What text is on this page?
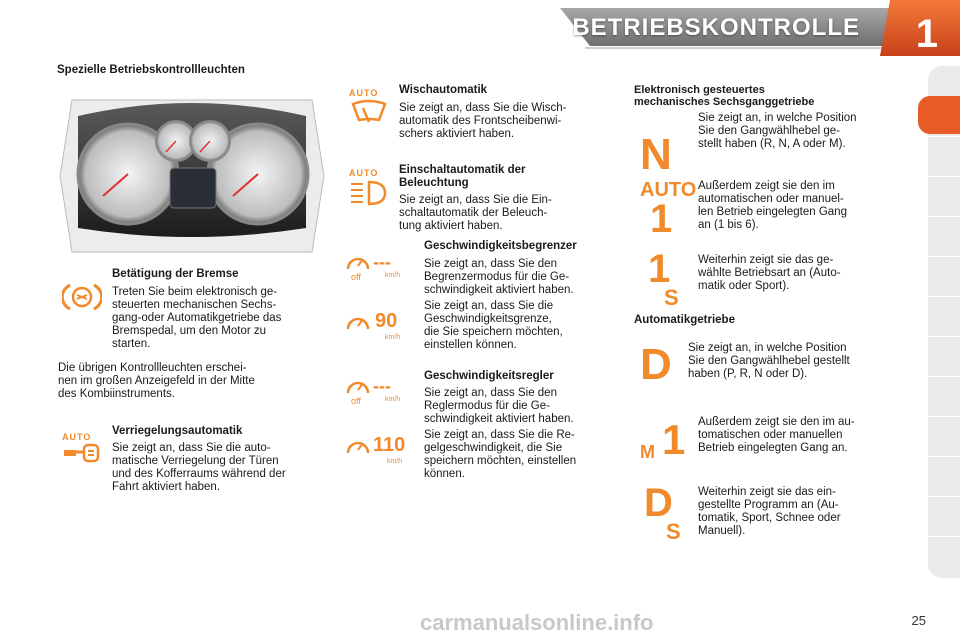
BETRIEBSKONTROLLE 1
Spezielle Betriebskontrollleuchten
Betätigung der Bremse
Treten Sie beim elektronisch ge-
steuerten mechanischen Sechs-
gang-oder Automatikgetriebe das
Bremspedal, um den Motor zu
starten.
Die übrigen Kontrollleuchten erschei-
nen im großen Anzeigefeld in der Mitte
des Kombiinstruments.
AUTO	Verriegelungsautomatik
Sie zeigt an, dass Sie die auto-
matische Verriegelung der Türen
und des Kofferraums während der
Fahrt aktiviert haben.
AUTO	Wischautomatik
Sie zeigt an, dass Sie die Wisch-
automatik des Frontscheibenwi-
schers aktiviert haben.
AUTO	Einschaltautomatik der
Beleuchtung
Sie zeigt an, dass Sie die Ein-
schaltautomatik der Beleuch-
tung aktiviert haben.
---
off	km/h
Geschwindigkeitsbegrenzer
Sie zeigt an, dass Sie den
Begrenzermodus für die Ge-
schwindigkeit aktiviert haben.
90
km/h
Sie zeigt an, dass Sie die
Geschwindigkeitsgrenze,
die Sie speichern möchten,
einstellen können.
---
off	km/h
Geschwindigkeitsregler
Sie zeigt an, dass Sie den
Reglermodus für die Ge-
schwindigkeit aktiviert haben.
110
km/h
Sie zeigt an, dass Sie die Re-
gelgeschwindigkeit, die Sie
speichern möchten, einstellen
können.
Elektronisch gesteuertes
mechanisches Sechsganggetriebe
N
Sie zeigt an, in welche Position
Sie den Gangwählhebel ge-
stellt haben (R, N, A oder M).
AUTO
1
Außerdem zeigt sie den im
automatischen oder manuel-
len Betrieb eingelegten Gang
an (1 bis 6).
1
S
Weiterhin zeigt sie das ge-
wählte Betriebsart an (Auto-
matik oder Sport).
Automatikgetriebe
D Sie zeigt an, in welche Position
Sie den Gangwählhebel gestellt
haben (P, R, N oder D).
M 1 Außerdem zeigt sie den im au-
tomatischen oder manuellen
Betrieb eingelegten Gang an.
D
S
Weiterhin zeigt sie das ein-
gestellte Programm an (Au-
tomatik, Sport, Schnee oder
Manuell).
25
carmanualsonline.info
